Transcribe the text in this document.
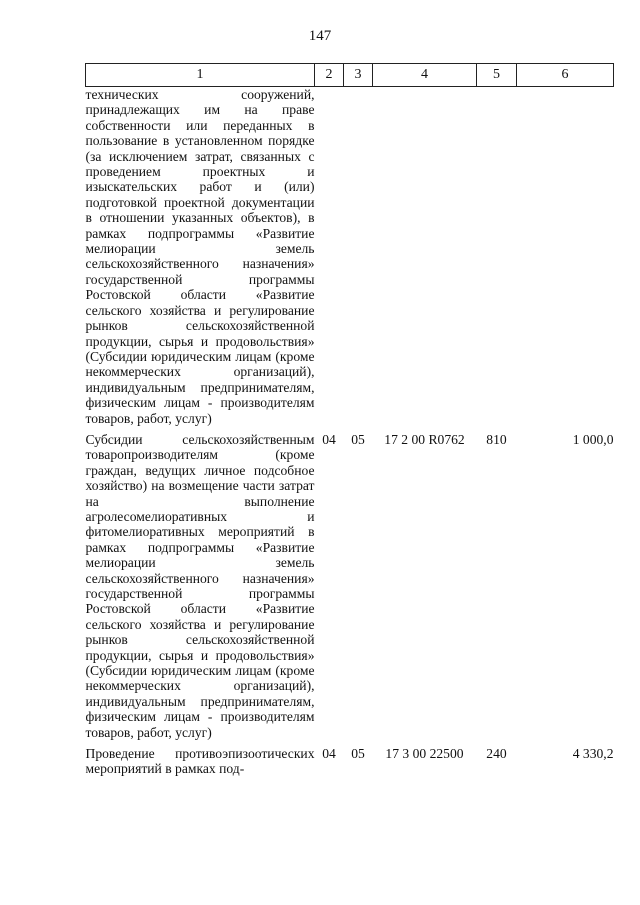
147
1	2	3	4	5	6
технических сооружений, принадлежащих им на праве собственности или переданных в пользование в установленном порядке (за исключением затрат, связанных с проведением проектных и изыскательских работ и (или) подготовкой проектной документации в отношении указанных объектов), в рамках подпрограммы «Развитие мелиорации земель сельскохозяйственного назначения» государственной программы Ростовской области «Развитие сельского хозяйства и регулирование рынков сельскохозяйственной продукции, сырья и продовольствия» (Субсидии юридическим лицам (кроме некоммерческих организаций), индивидуальным предпринимателям, физическим лицам - производителям товаров, работ, услуг)					
Субсидии сельскохозяйственным товаропроизводителям (кроме граждан, ведущих личное подсобное хозяйство) на возмещение части затрат на выполнение агролесомелиоративных и фитомелиоративных мероприятий в рамках подпрограммы «Развитие мелиорации земель сельскохозяйственного назначения» государственной программы Ростовской области «Развитие сельского хозяйства и регулирование рынков сельскохозяйственной продукции, сырья и продовольствия» (Субсидии юридическим лицам (кроме некоммерческих организаций), индивидуальным предпринимателям, физическим лицам - производителям товаров, работ, услуг)	04	05	17 2 00 R0762	810	1 000,0
Проведение противоэпизоотических мероприятий в рамках под-	04	05	17 3 00 22500	240	4 330,2
